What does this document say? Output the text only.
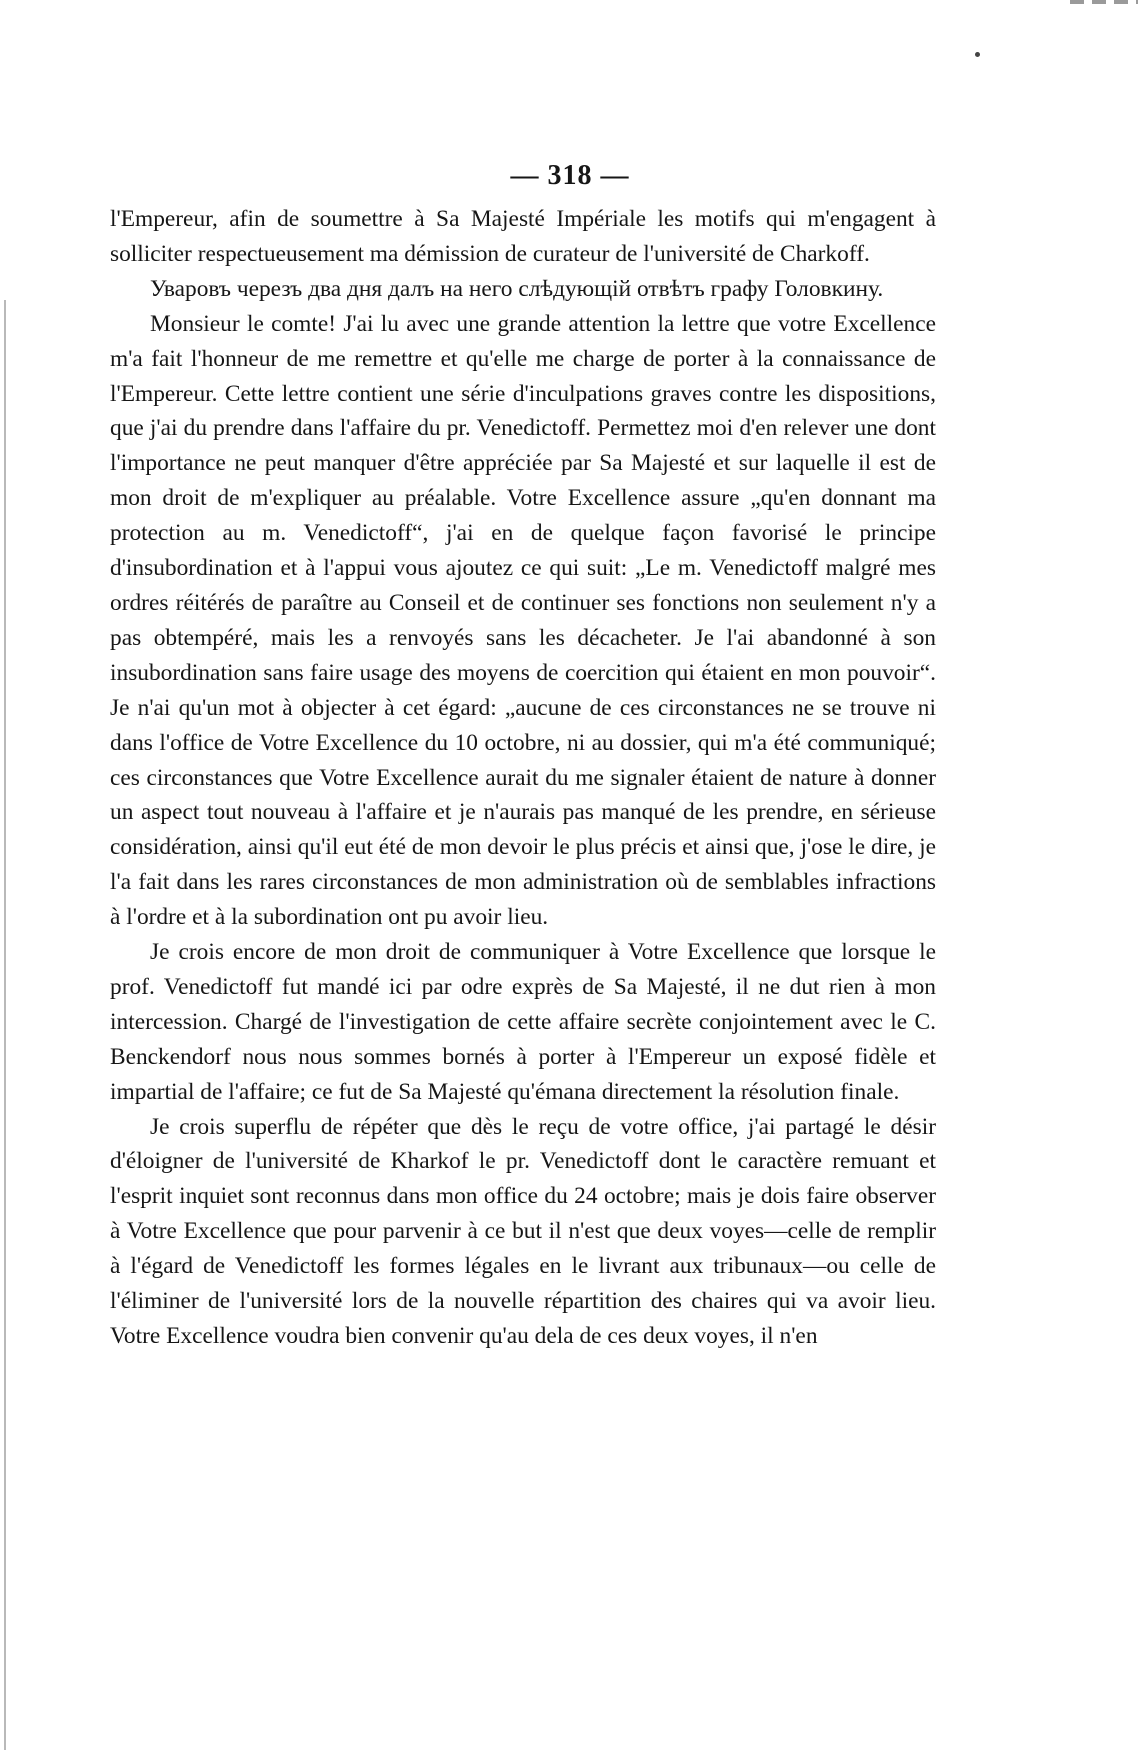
— 318 —

l'Empereur, afin de soumettre à Sa Majesté Impériale les motifs qui m'engagent à solliciter respectueusement ma démission de curateur de l'université de Charkoff.

Уваровъ черезъ два дня далъ на него слѣдующій отвѣтъ графу Головкину.

Monsieur le comte! J'ai lu avec une grande attention la lettre que votre Excellence m'a fait l'honneur de me remettre et qu'elle me charge de porter à la connaissance de l'Empereur. Cette lettre contient une série d'inculpations graves contre les dispositions, que j'ai du prendre dans l'affaire du pr. Venedictoff. Permettez moi d'en relever une dont l'importance ne peut manquer d'être appréciée par Sa Majesté et sur laquelle il est de mon droit de m'expliquer au préalable. Votre Excellence assure „qu'en donnant ma protection au m. Venedictoff“, j'ai en de quelque façon favorisé le principe d'insubordination et à l'appui vous ajoutez ce qui suit: „Le m. Venedictoff malgré mes ordres réitérés de paraître au Conseil et de continuer ses fonctions non seulement n'y a pas obtempéré, mais les a renvoyés sans les décacheter. Je l'ai abandonné à son insubordination sans faire usage des moyens de coercition qui étaient en mon pouvoir“. Je n'ai qu'un mot à objecter à cet égard: „aucune de ces circonstances ne se trouve ni dans l'office de Votre Excellence du 10 octobre, ni au dossier, qui m'a été communiqué; ces circonstances que Votre Excellence aurait du me signaler étaient de nature à donner un aspect tout nouveau à l'affaire et je n'aurais pas manqué de les prendre, en sérieuse considération, ainsi qu'il eut été de mon devoir le plus précis et ainsi que, j'ose le dire, je l'a fait dans les rares circonstances de mon administration où de semblables infractions à l'ordre et à la subordination ont pu avoir lieu.

Je crois encore de mon droit de communiquer à Votre Excellence que lorsque le prof. Venedictoff fut mandé ici par odre exprès de Sa Majesté, il ne dut rien à mon intercession. Chargé de l'investigation de cette affaire secrète conjointement avec le C. Benckendorf nous nous sommes bornés à porter à l'Empereur un exposé fidèle et impartial de l'affaire; ce fut de Sa Majesté qu'émana directement la résolution finale.

Je crois superflu de répéter que dès le reçu de votre office, j'ai partagé le désir d'éloigner de l'université de Kharkof le pr. Venedictoff dont le caractère remuant et l'esprit inquiet sont reconnus dans mon office du 24 octobre; mais je dois faire observer à Votre Excellence que pour parvenir à ce but il n'est que deux voyes—celle de remplir à l'égard de Venedictoff les formes légales en le livrant aux tribunaux—ou celle de l'éliminer de l'université lors de la nouvelle répartition des chaires qui va avoir lieu. Votre Excellence voudra bien convenir qu'au dela de ces deux voyes, il n'en
